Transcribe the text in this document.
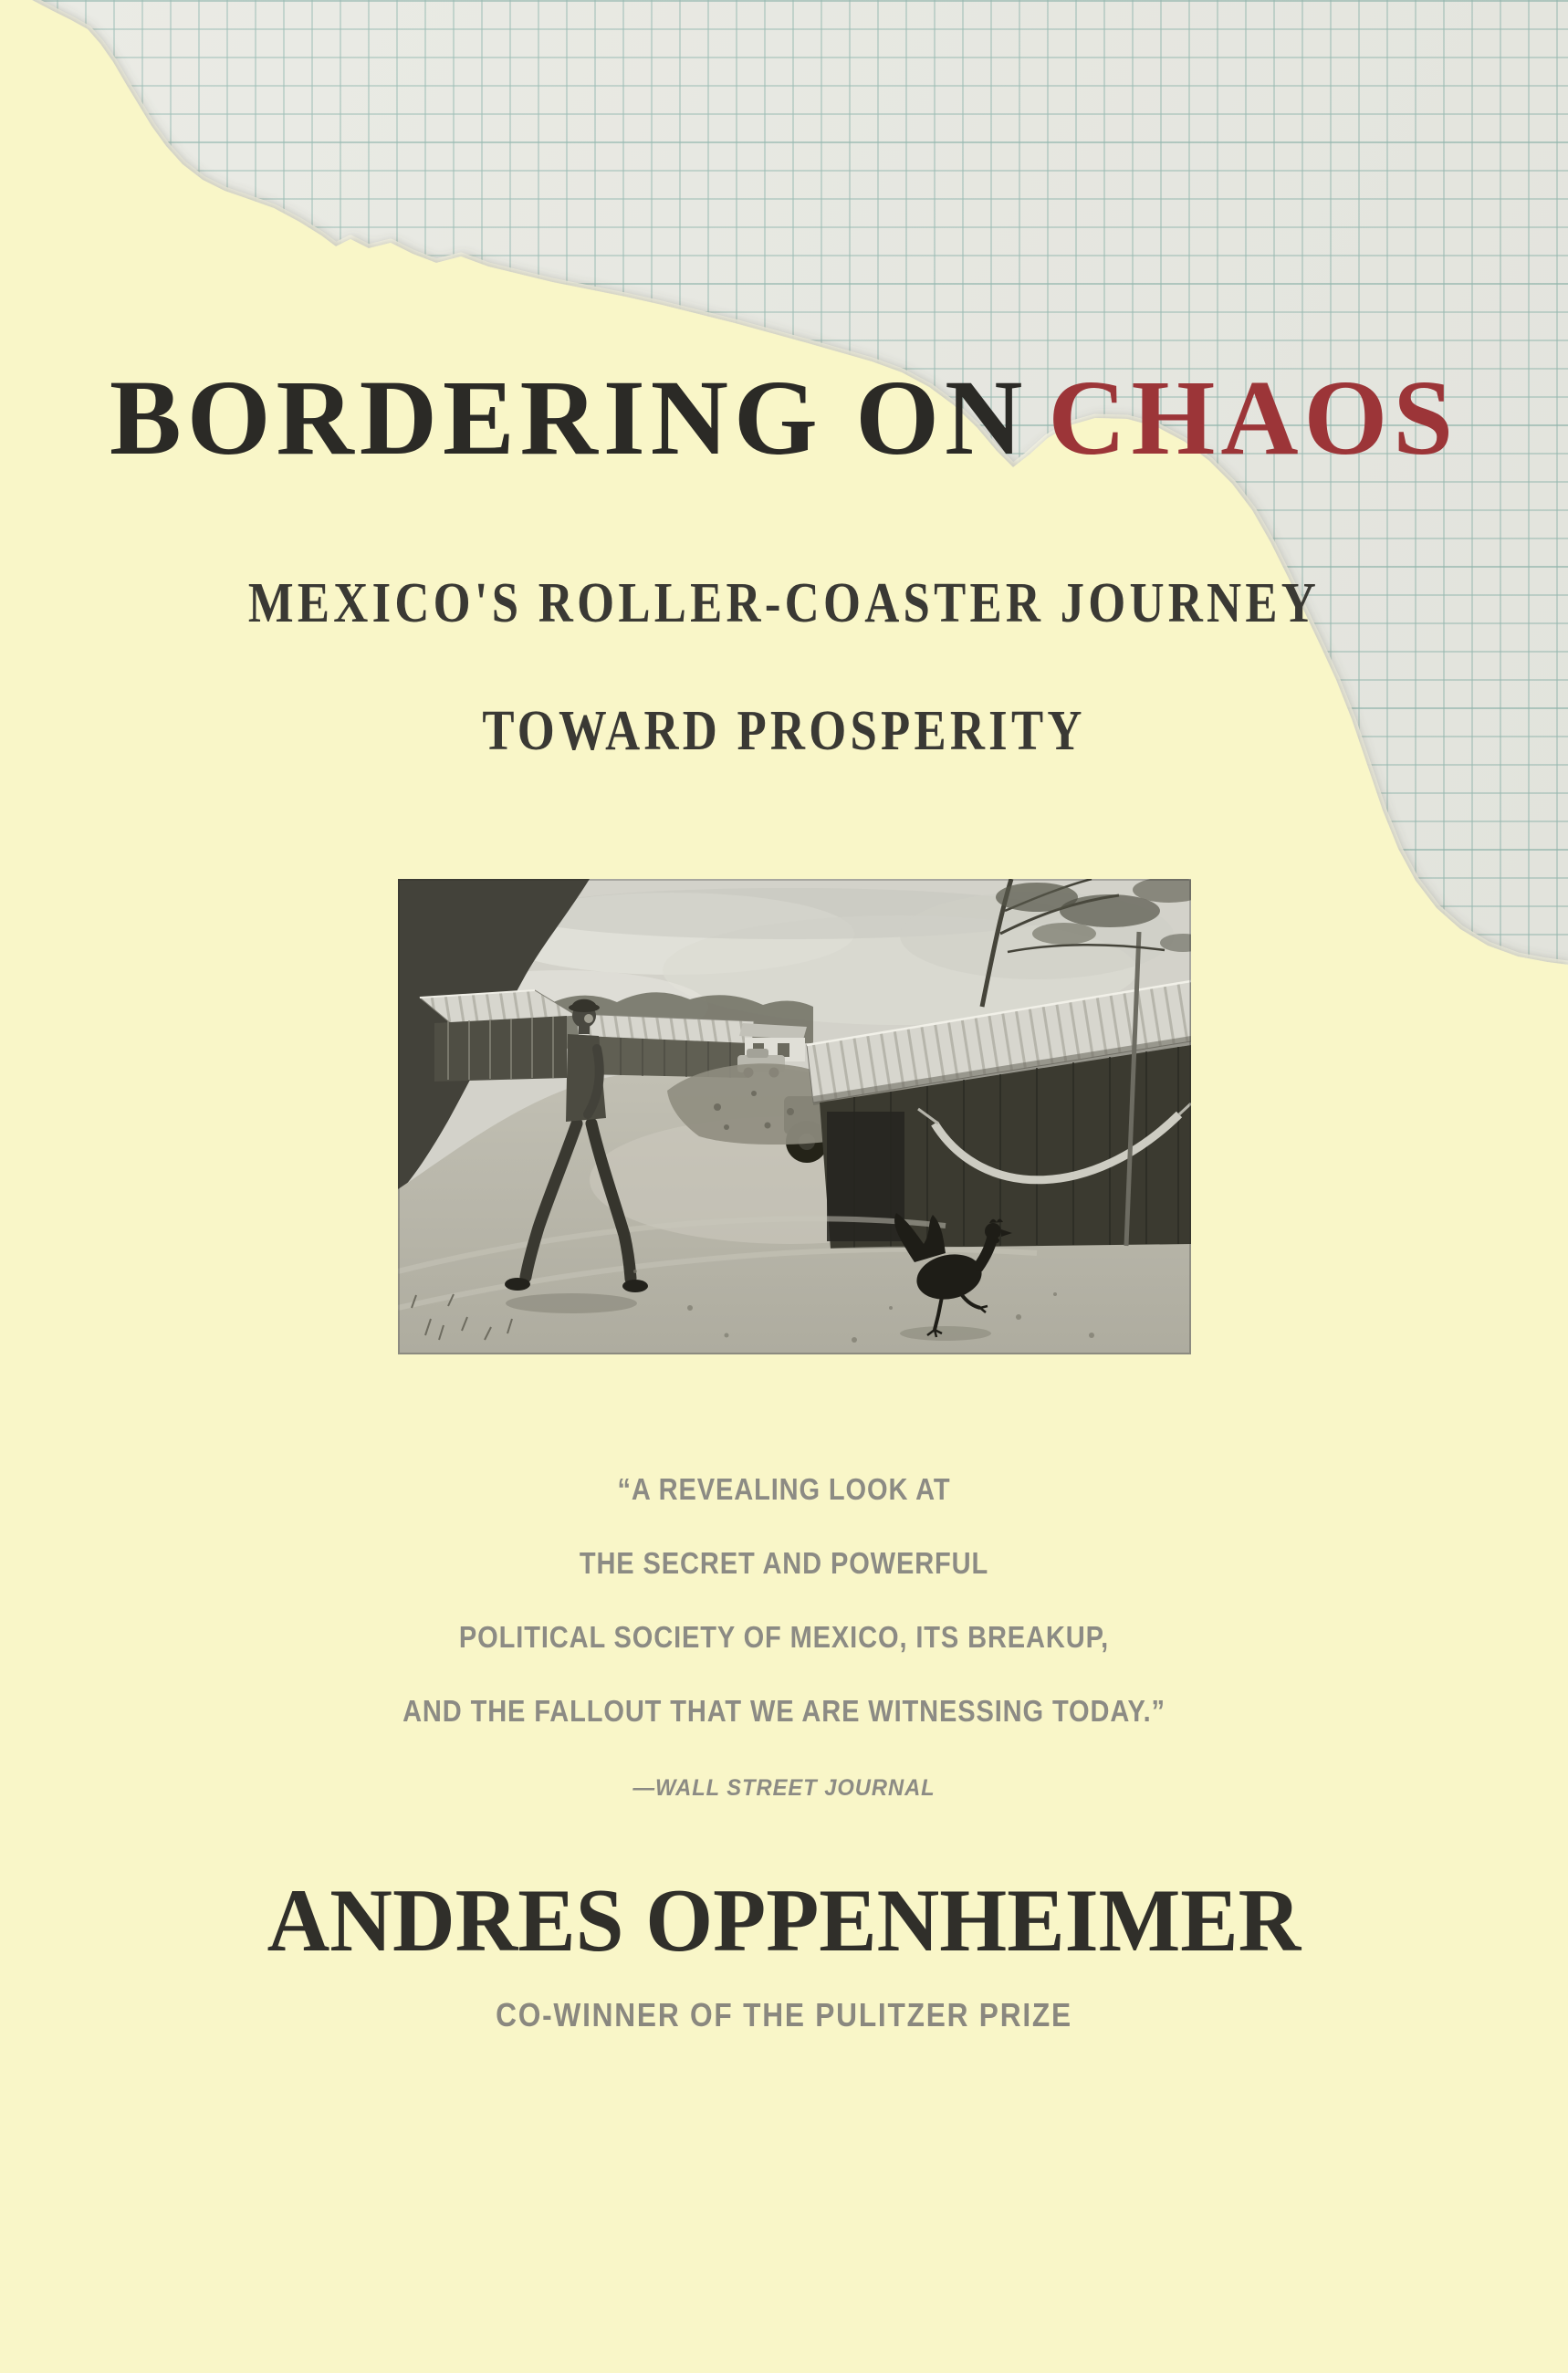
BORDERING ON CHAOS
MEXICO'S ROLLER-COASTER JOURNEY
TOWARD PROSPERITY
“A REVEALING LOOK AT
THE SECRET AND POWERFUL
POLITICAL SOCIETY OF MEXICO, ITS BREAKUP,
AND THE FALLOUT THAT WE ARE WITNESSING TODAY.”
—WALL STREET JOURNAL
ANDRES OPPENHEIMER
CO-WINNER OF THE PULITZER PRIZE
